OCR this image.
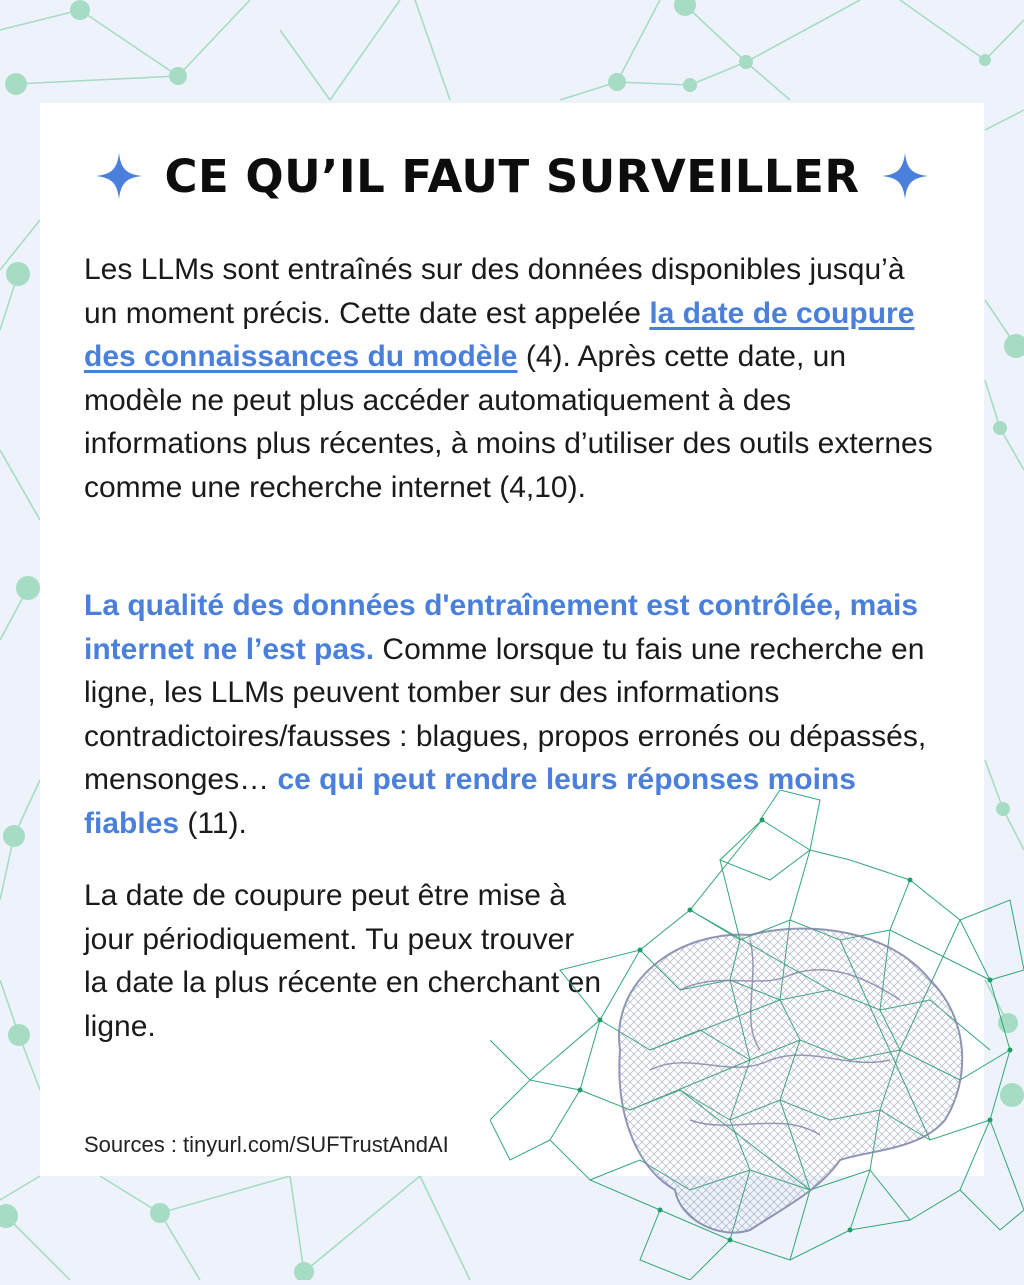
CE QU’IL FAUT SURVEILLER
Les LLMs sont entraînés sur des données disponibles jusqu’à un moment précis. Cette date est appelée la date de coupure des connaissances du modèle (4). Après cette date, un modèle ne peut plus accéder automatiquement à des informations plus récentes, à moins d’utiliser des outils externes comme une recherche internet (4,10).
La qualité des données d'entraînement est contrôlée, mais internet ne l’est pas. Comme lorsque tu fais une recherche en ligne, les LLMs peuvent tomber sur des informations contradictoires/fausses : blagues, propos erronés ou dépassés, mensonges… ce qui peut rendre leurs réponses moins fiables (11).
La date de coupure peut être mise à jour périodiquement. Tu peux trouver la date la plus récente en cherchant en ligne.
Sources : tinyurl.com/SUFTrustAndAI
